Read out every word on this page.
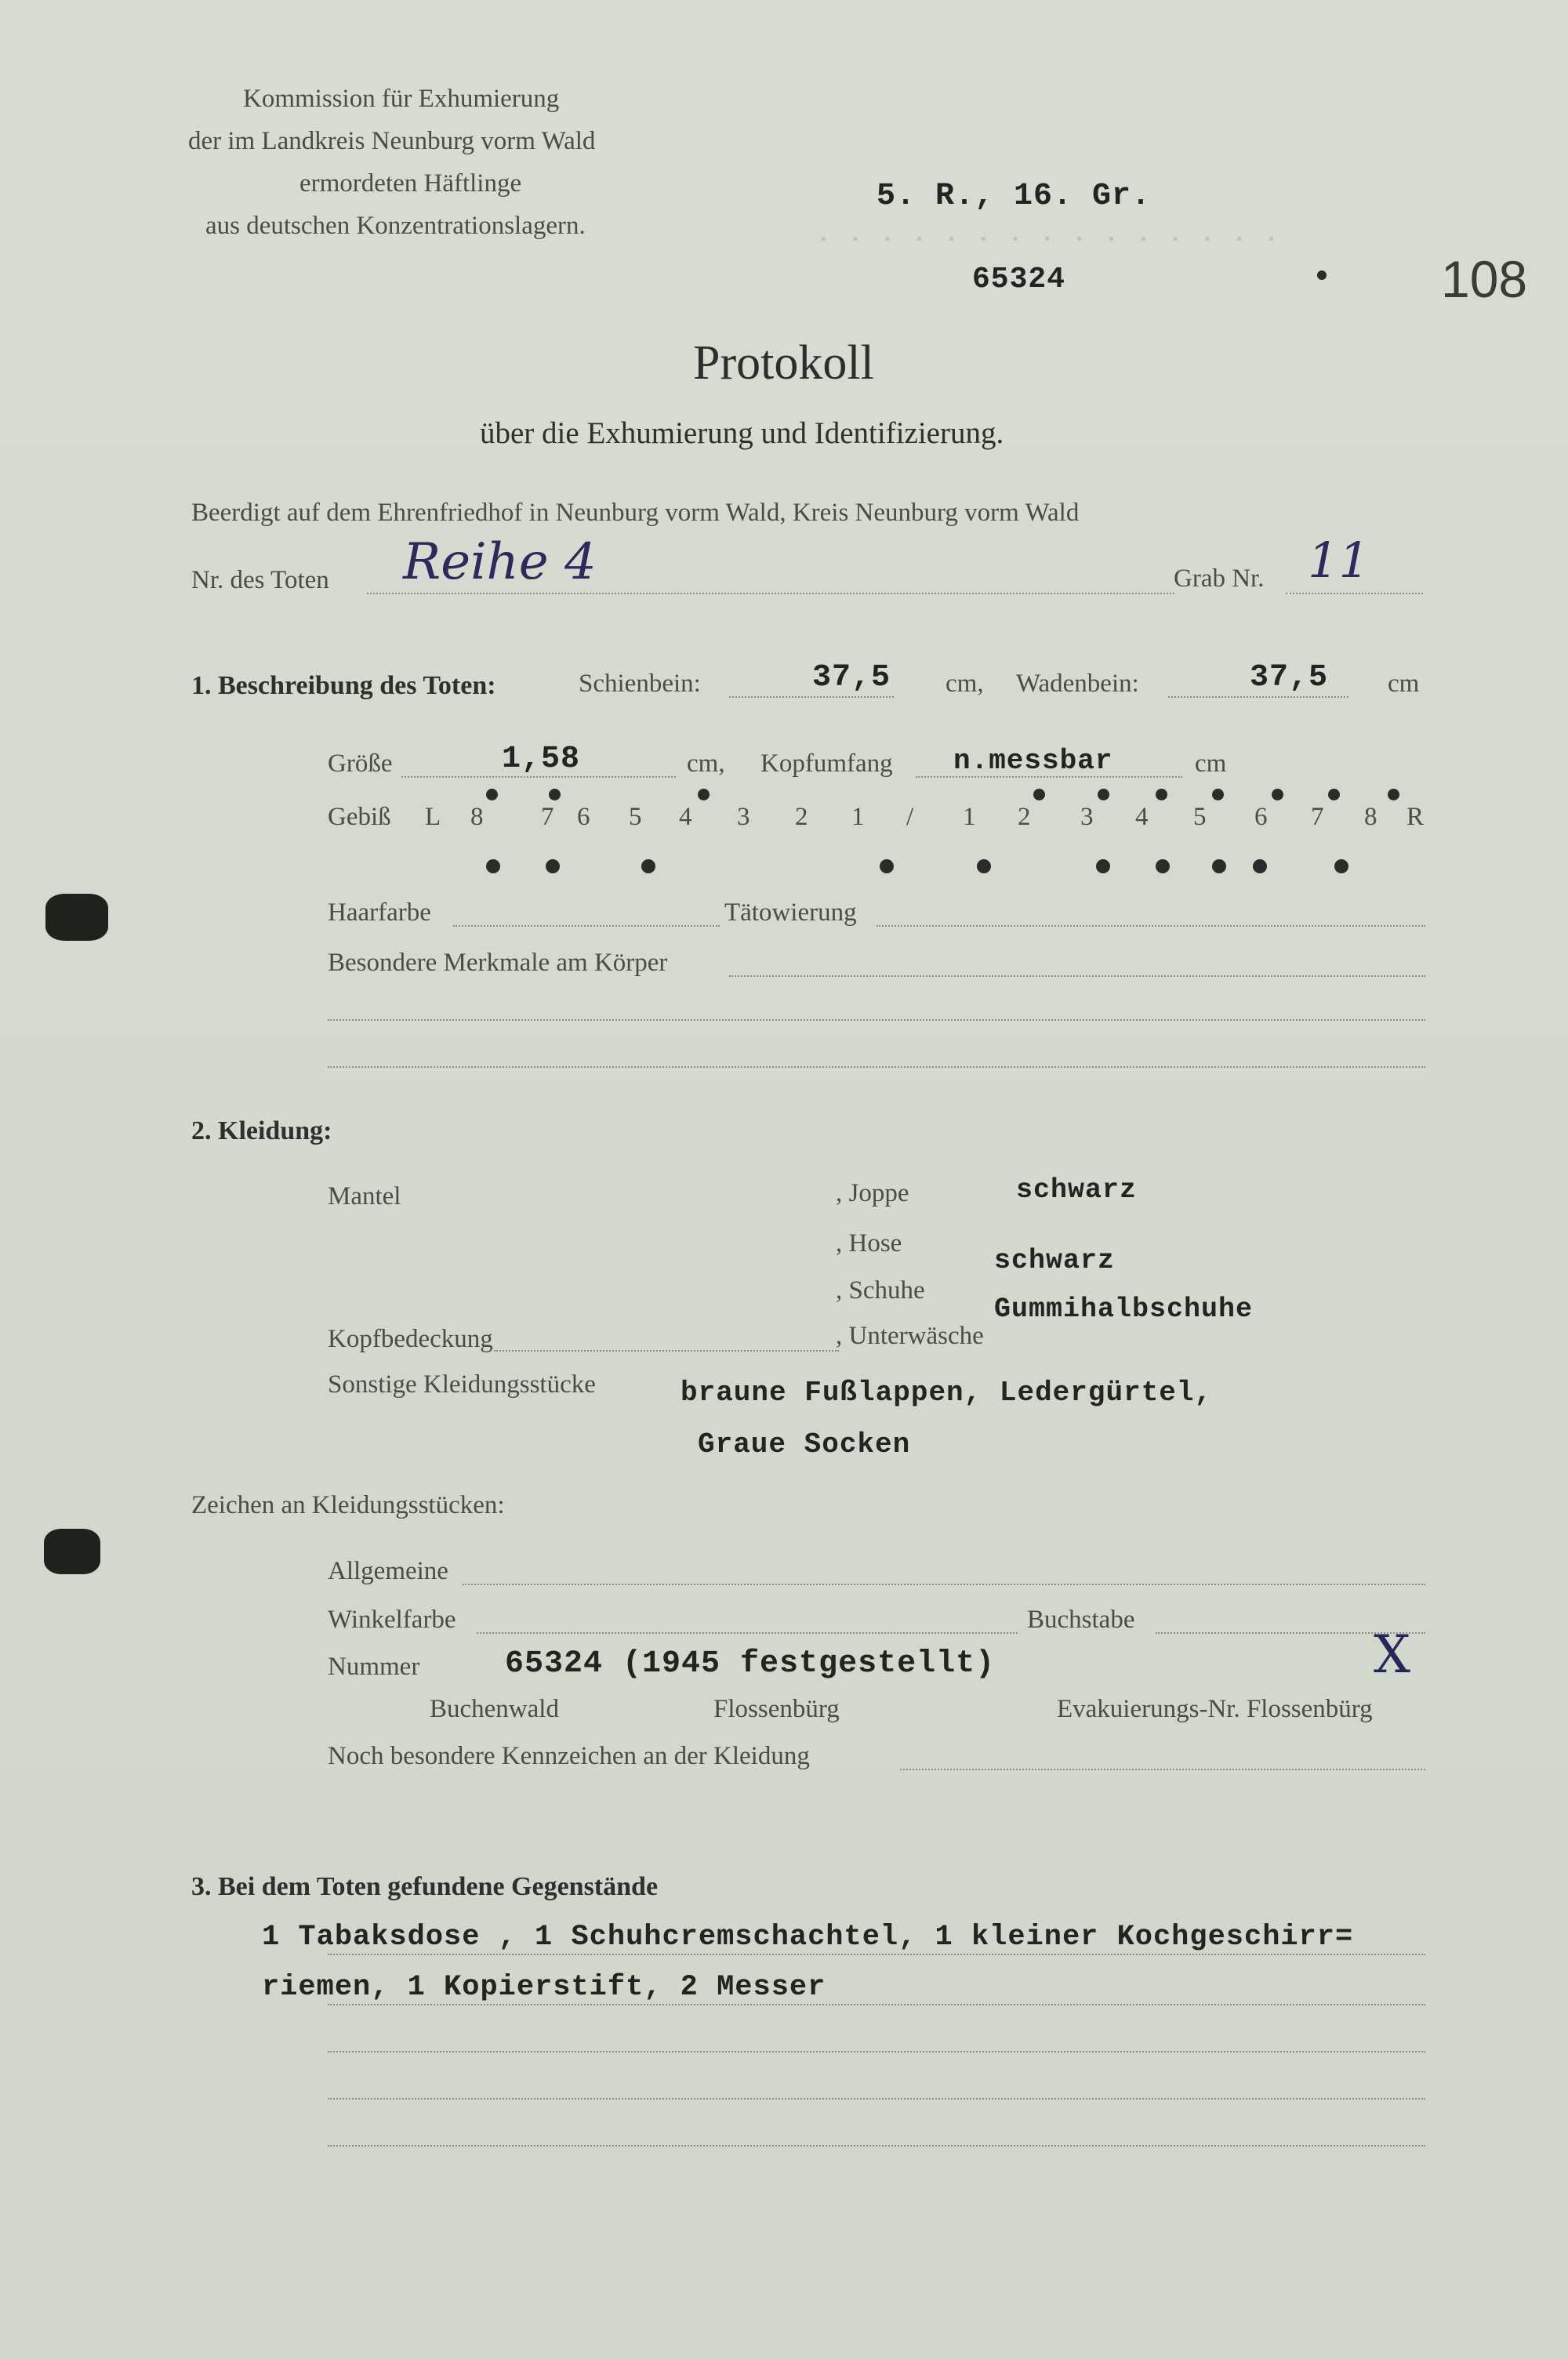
. . . . . . . . . . . . . . .
Kommission für Exhumierung
der im Landkreis Neunburg vorm Wald
ermordeten Häftlinge
aus deutschen Konzentrationslagern.
5. R., 16. Gr.
65324	108
Protokoll
über die Exhumierung und Identifizierung.
Beerdigt auf dem Ehrenfriedhof in Neunburg vorm Wald, Kreis Neunburg vorm Wald
Nr. des Toten Reihe 4	Grab Nr. 11
1. Beschreibung des Toten:	Schienbein:	37,5 cm, Wadenbein:	37,5 cm
Größe	1,58	cm, Kopfumfang n.messbar	cm
Gebiß L	R
8 7 6 5 4 3 2 1 / 1 2 3 4 5 6 7 8
Haarfarbe	Tätowierung
Besondere Merkmale am Körper
2. Kleidung:
Mantel	, Joppe	schwarz
, Hose
schwarz
, Schuhe
Gummihalbschuhe
Kopfbedeckung	, Unterwäsche
Sonstige Kleidungsstücke	braune Fußlappen, Ledergürtel,
Graue Socken
Zeichen an Kleidungsstücken:
Allgemeine
Winkelfarbe	Buchstabe
Nummer	65324 (1945 festgestellt)	X
Buchenwald	Flossenbürg	Evakuierungs-Nr. Flossenbürg
Noch besondere Kennzeichen an der Kleidung
3. Bei dem Toten gefundene Gegenstände
1 Tabaksdose , 1 Schuhcremschachtel, 1 kleiner Kochgeschirr=
riemen, 1 Kopierstift, 2 Messer
